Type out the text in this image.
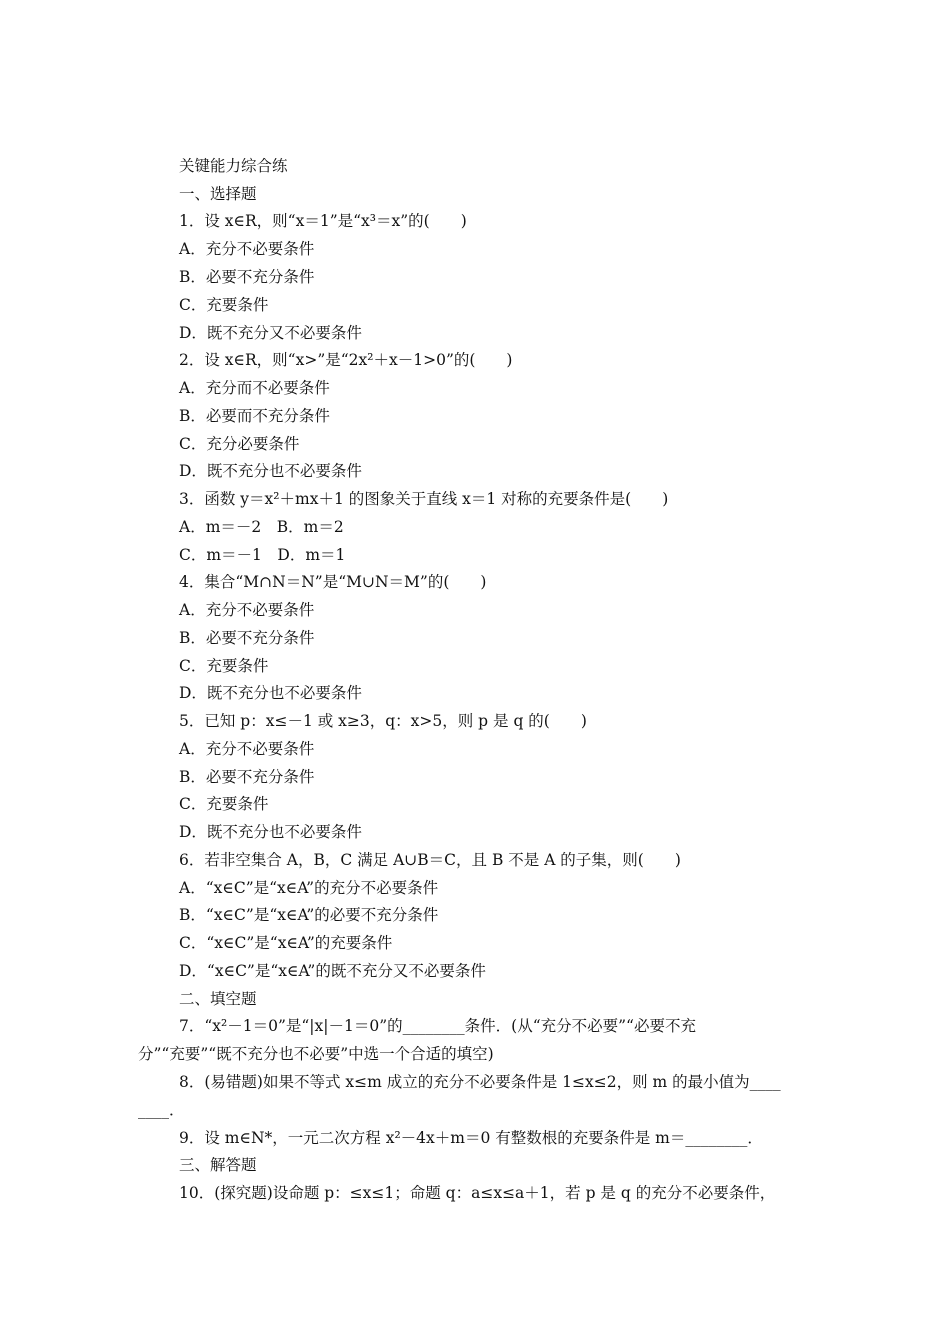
关键能力综合练
一、选择题
1．设 x∈R，则“x＝1”是“x³＝x”的(　　)
A．充分不必要条件
B．必要不充分条件
C．充要条件
D．既不充分又不必要条件
2．设 x∈R，则“x>”是“2x²＋x－1>0”的(　　)
A．充分而不必要条件
B．必要而不充分条件
C．充分必要条件
D．既不充分也不必要条件
3．函数 y＝x²＋mx＋1 的图象关于直线 x＝1 对称的充要条件是(　　)
A．m＝－2　B．m＝2
C．m＝－1　D．m＝1
4．集合“M∩N＝N”是“M∪N＝M”的(　　)
A．充分不必要条件
B．必要不充分条件
C．充要条件
D．既不充分也不必要条件
5．已知 p：x≤－1 或 x≥3，q：x>5，则 p 是 q 的(　　)
A．充分不必要条件
B．必要不充分条件
C．充要条件
D．既不充分也不必要条件
6．若非空集合 A，B，C 满足 A∪B＝C，且 B 不是 A 的子集，则(　　)
A．“x∈C”是“x∈A”的充分不必要条件
B．“x∈C”是“x∈A”的必要不充分条件
C．“x∈C”是“x∈A”的充要条件
D．“x∈C”是“x∈A”的既不充分又不必要条件
二、填空题
7．“x²－1＝0”是“|x|－1＝0”的________条件．(从“充分不必要”“必要不充
分”“充要”“既不充分也不必要”中选一个合适的填空)
8．(易错题)如果不等式 x≤m 成立的充分不必要条件是 1≤x≤2，则 m 的最小值为____
____．
9．设 m∈N*，一元二次方程 x²－4x＋m＝0 有整数根的充要条件是 m＝________．
三、解答题
10．(探究题)设命题 p：≤x≤1；命题 q：a≤x≤a＋1，若 p 是 q 的充分不必要条件，
